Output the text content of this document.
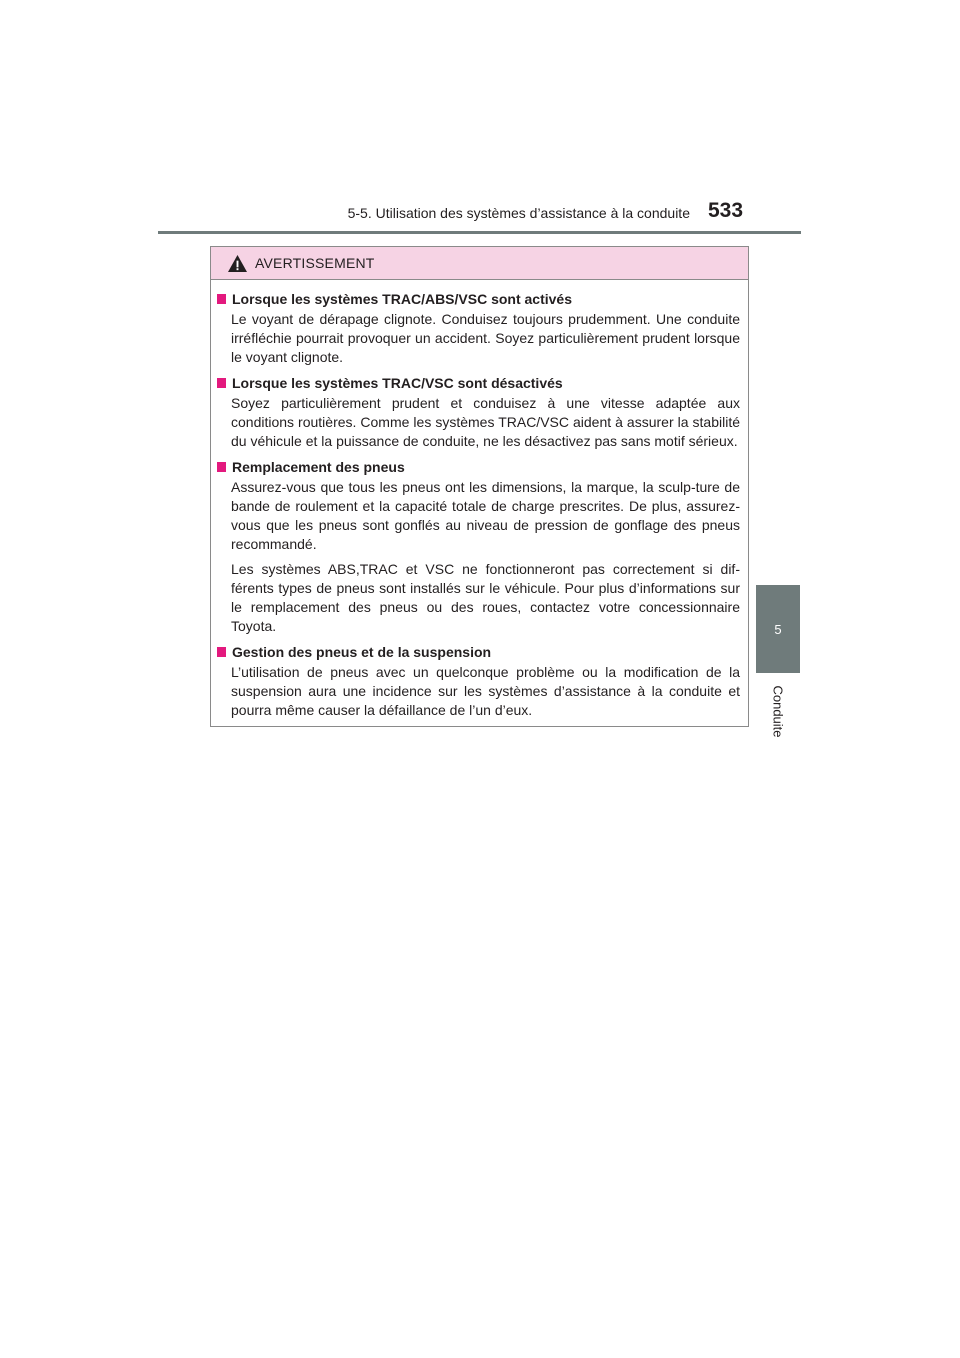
5-5. Utilisation des systèmes d’assistance à la conduite 533
5
Conduite
AVERTISSEMENT
Lorsque les systèmes TRAC/ABS/VSC sont activés
Le voyant de dérapage clignote. Conduisez toujours prudemment. Une conduite irréfléchie pourrait provoquer un accident. Soyez particulièrement prudent lorsque le voyant clignote.
Lorsque les systèmes TRAC/VSC sont désactivés
Soyez particulièrement prudent et conduisez à une vitesse adaptée aux conditions routières. Comme les systèmes TRAC/VSC aident à assurer la stabilité du véhicule et la puissance de conduite, ne les désactivez pas sans motif sérieux.
Remplacement des pneus
Assurez-vous que tous les pneus ont les dimensions, la marque, la sculp-ture de bande de roulement et la capacité totale de charge prescrites. De plus, assurez-vous que les pneus sont gonflés au niveau de pression de gonflage des pneus recommandé.
Les systèmes ABS,TRAC et VSC ne fonctionneront pas correctement si dif-férents types de pneus sont installés sur le véhicule. Pour plus d’informations sur le remplacement des pneus ou des roues, contactez votre concessionnaire Toyota.
Gestion des pneus et de la suspension
L’utilisation de pneus avec un quelconque problème ou la modification de la suspension aura une incidence sur les systèmes d’assistance à la conduite et pourra même causer la défaillance de l’un d’eux.
